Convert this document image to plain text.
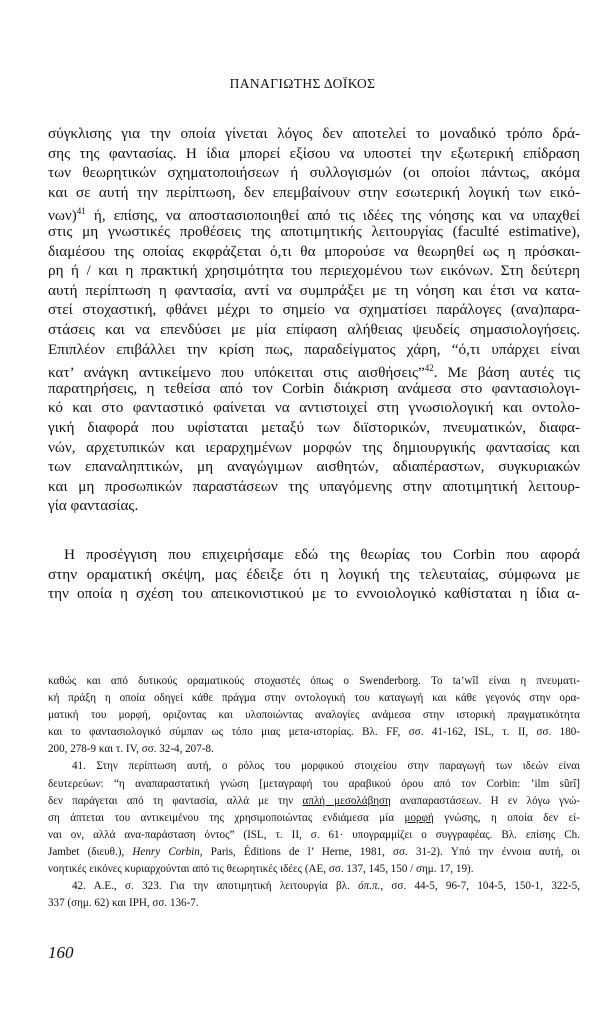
ΠΑΝΑΓΙΩΤΗΣ ΔΟΪΚΟΣ
σύγκλισης για την οποία γίνεται λόγος δεν αποτελεί το μοναδικό τρόπο δρά-
σης της φαντασίας. Η ίδια μπορεί εξίσου να υποστεί την εξωτερική επίδραση
των θεωρητικών σχηματοποιήσεων ή συλλογισμών (οι οποίοι πάντως, ακόμα
και σε αυτή την περίπτωση, δεν επεμβαίνουν στην εσωτερική λογική των εικό-
νων)$^{41}$ ή, επίσης, να αποστασιοποιηθεί από τις ιδέες της νόησης και να υπαχθεί
στις μη γνωστικές προθέσεις της αποτιμητικής λειτουργίας (faculté estimative),
διαμέσου της οποίας εκφράζεται ό,τι θα μπορούσε να θεωρηθεί ως η πρόσκαι-
ρη ή / και η πρακτική χρησιμότητα του περιεχομένου των εικόνων. Στη δεύτερη
αυτή περίπτωση η φαντασία, αντί να συμπράξει με τη νόηση και έτσι να κατα-
στεί στοχαστική, φθάνει μέχρι το σημείο να σχηματίσει παράλογες (ανα)παρα-
στάσεις και να επενδύσει με μία επίφαση αλήθειας ψευδείς σημασιολογήσεις.
Επιπλέον επιβάλλει την κρίση πως, παραδείγματος χάρη, “ό,τι υπάρχει είναι
κατ’ ανάγκη αντικείμενο που υπόκειται στις αισθήσεις”$^{42}$. Με βάση αυτές τις
παρατηρήσεις, η τεθείσα από τον Corbin διάκριση ανάμεσα στο φαντασιολογι-
κό και στο φανταστικό φαίνεται να αντιστοιχεί στη γνωσιολογική και οντολο-
γική διαφορά που υφίσταται μεταξύ των διϊστορικών, πνευματικών, διαφα-
νών, αρχετυπικών και ιεραρχημένων μορφών της δημιουργικής φαντασίας και
των επαναληπτικών, μη αναγώγιμων αισθητών, αδιαπέραστων, συγκυριακών
και μη προσωπικών παραστάσεων της υπαγόμενης στην αποτιμητική λειτουρ-
γία φαντασίας.
Η προσέγγιση που επιχειρήσαμε εδώ της θεωρίας του Corbin που αφορά
στην οραματική σκέψη, μας έδειξε ότι η λογική της τελευταίας, σύμφωνα με
την οποία η σχέση του απεικονιστικού με το εννοιολογικό καθίσταται η ίδια α-
καθώς και από δυτικούς οραματικούς στοχαστές όπως ο Swenderborg. Το ta’wîl είναι η πνευματι-
κή πράξη η οποία οδηγεί κάθε πράγμα στην οντολογική του καταγωγή και κάθε γεγονός στην ορα-
ματική του μορφή, οριζοντας και υλοποιώντας αναλογίες ανάμεσα στην ιστορική πραγματικότητα
και το φαντασιολογικό σύμπαν ως τόπο μιας μετα-ιστορίας. Βλ. FF, σσ. 41-162, ISL, τ. II, σσ. 180-
200, 278-9 και τ. IV, σσ. 32-4, 207-8.
41. Στην περίπτωση αυτή, ο ρόλος του μορφικού στοιχείου στην παραγωγή των ιδεών είναι
δευτερεύων: “η αναπαραστατική γνώση [μεταγραφή του αραβικού όρου από τον Corbin: ’ilm sûrî]
δεν παράγεται από τη φαντασία, αλλά με την απλή μεσολάβηση αναπαραστάσεων. Η εν λόγω γνώ-
ση άπτεται του αντικειμένου της χρησιμοποιώντας ενδιάμεσα μία μορφή γνώσης, η οποία δεν εί-
ναι ον, αλλά ανα-παράσταση όντος” (ISL, τ. II, σ. 61· υπογραμμίζει ο συγγραφέας. Βλ. επίσης Ch.
Jambet (διευθ.), Henry Corbin, Paris, Éditions de l’ Herne, 1981, σσ. 31-2). Υπό την έννοια αυτή, οι
νοητικές εικόνες κυριαρχούνται από τις θεωρητικές ιδέες (AE, σσ. 137, 145, 150 / σημ. 17, 19).
42. Α.Ε., σ. 323. Για την αποτιμητική λειτουργία βλ. όπ.π., σσ. 44-5, 96-7, 104-5, 150-1, 322-5,
337 (σημ. 62) και IPH, σσ. 136-7.
160
